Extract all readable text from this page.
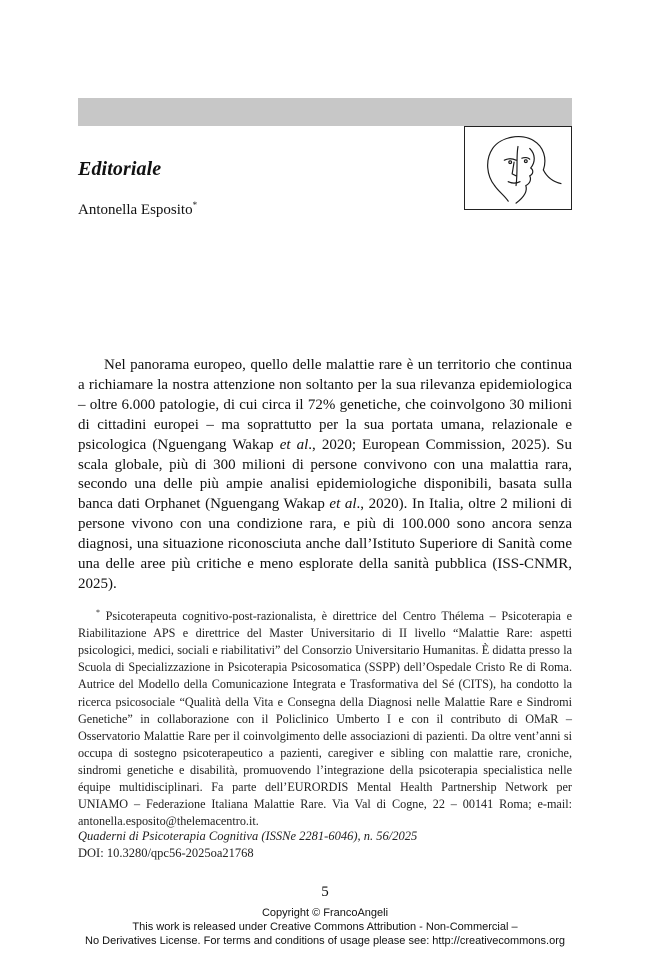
Editoriale
Antonella Esposito*

Nel panorama europeo, quello delle malattie rare è un territorio che continua a richiamare la nostra attenzione non soltanto per la sua rilevanza epidemiologica – oltre 6.000 patologie, di cui circa il 72% genetiche, che coinvolgono 30 milioni di cittadini europei – ma soprattutto per la sua portata umana, relazionale e psicologica (Nguengang Wakap et al., 2020; European Commission, 2025). Su scala globale, più di 300 milioni di persone convivono con una malattia rara, secondo una delle più ampie analisi epidemiologiche disponibili, basata sulla banca dati Orphanet (Nguengang Wakap et al., 2020). In Italia, oltre 2 milioni di persone vivono con una condizione rara, e più di 100.000 sono ancora senza diagnosi, una situazione riconosciuta anche dall’Istituto Superiore di Sanità come una delle aree più critiche e meno esplorate della sanità pubblica (ISS-CNMR, 2025).

* Psicoterapeuta cognitivo-post-razionalista, è direttrice del Centro Thélema – Psicoterapia e Riabilitazione APS e direttrice del Master Universitario di II livello “Malattie Rare: aspetti psicologici, medici, sociali e riabilitativi” del Consorzio Universitario Humanitas. È didatta presso la Scuola di Specializzazione in Psicoterapia Psicosomatica (SSPP) dell’Ospedale Cristo Re di Roma. Autrice del Modello della Comunicazione Integrata e Trasformativa del Sé (CITS), ha condotto la ricerca psicosociale “Qualità della Vita e Consegna della Diagnosi nelle Malattie Rare e Sindromi Genetiche” in collaborazione con il Policlinico Umberto I e con il contributo di OMaR – Osservatorio Malattie Rare per il coinvolgimento delle associazioni di pazienti. Da oltre vent’anni si occupa di sostegno psicoterapeutico a pazienti, caregiver e sibling con malattie rare, croniche, sindromi genetiche e disabilità, promuovendo l’integrazione della psicoterapia specialistica nelle équipe multidisciplinari. Fa parte dell’EURORDIS Mental Health Partnership Network per UNIAMO – Federazione Italiana Malattie Rare. Via Val di Cogne, 22 – 00141 Roma; e-mail: antonella.esposito@thelemacentro.it.

Quaderni di Psicoterapia Cognitiva (ISSNe 2281-6046), n. 56/2025
DOI: 10.3280/qpc56-2025oa21768
5
Copyright © FrancoAngeli
This work is released under Creative Commons Attribution - Non-Commercial –
No Derivatives License. For terms and conditions of usage please see: http://creativecommons.org
